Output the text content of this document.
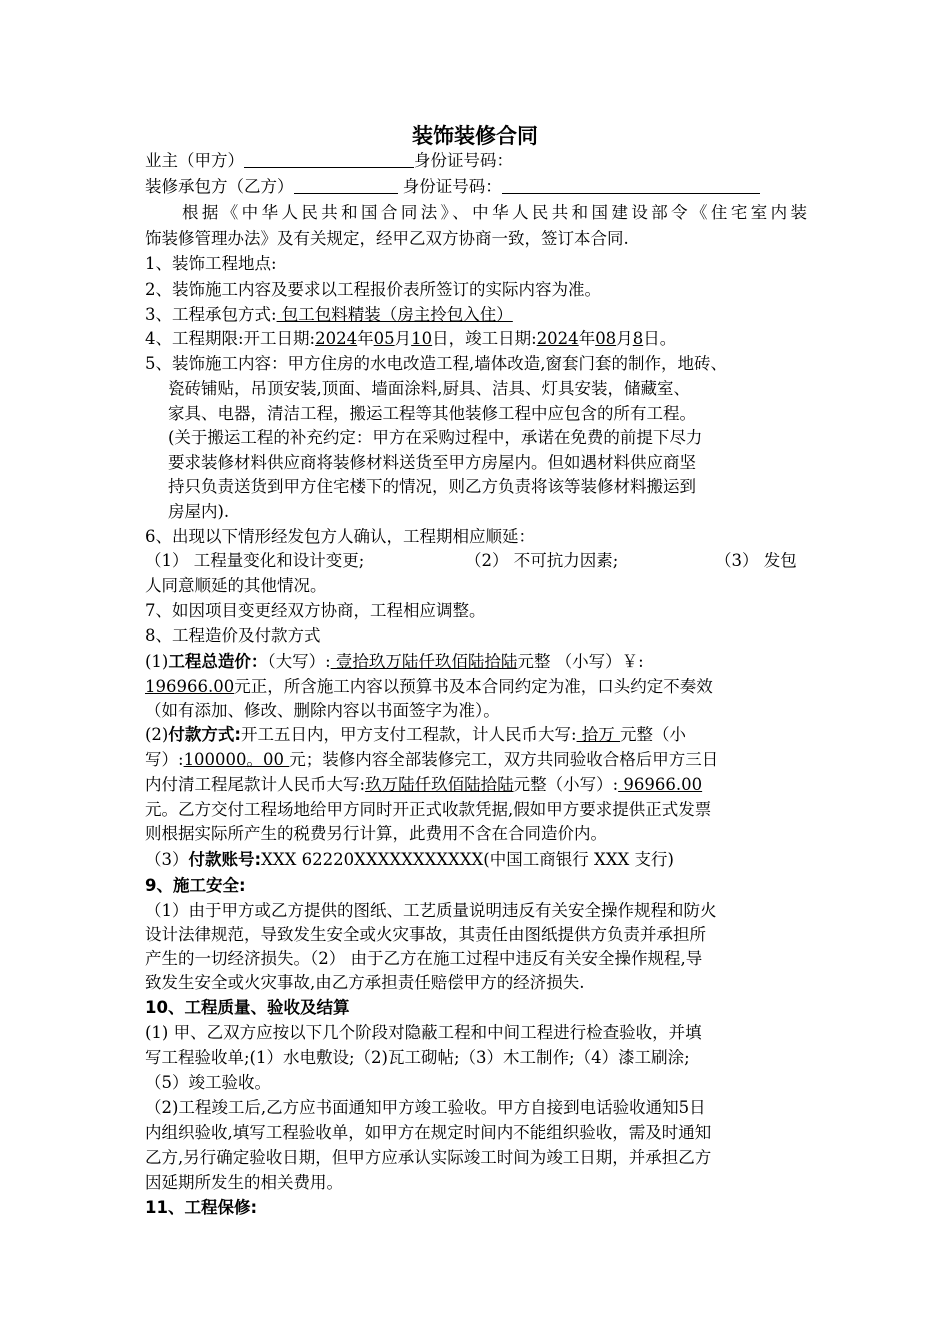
装饰装修合同
业主（甲方）	身份证号码：
装修承包方（乙方）	身份证号码：
根据《中华人民共和国合同法》、中华人民共和国建设部令《住宅室内装
饰装修管理办法》及有关规定，经甲乙双方协商一致，签订本合同.
1、装饰工程地点:
2、装饰施工内容及要求以工程报价表所签订的实际内容为准。
3、工程承包方式: 包工包料精装（房主拎包入住）
4、工程期限:开工日期:2024年05月10日，竣工日期:2024年08月8日。
5、装饰施工内容：甲方住房的水电改造工程,墙体改造,窗套门套的制作，地砖、
瓷砖铺贴，吊顶安装,顶面、墙面涂料,厨具、洁具、灯具安装，储藏室、
家具、电器，清洁工程，搬运工程等其他装修工程中应包含的所有工程。
(关于搬运工程的补充约定：甲方在采购过程中，承诺在免费的前提下尽力
要求装修材料供应商将装修材料送货至甲方房屋内。但如遇材料供应商坚
持只负责送货到甲方住宅楼下的情况，则乙方负责将该等装修材料搬运到
房屋内).
6、出现以下情形经发包方人确认，工程期相应顺延：
（1） 工程量变化和设计变更;	（2） 不可抗力因素;	（3） 发包
人同意顺延的其他情况。
7、如因项目变更经双方协商，工程相应调整。
8、工程造价及付款方式
(1)工程总造价：（大写）: 壹拾玖万陆仟玖佰陆拾陆元整 （小写）￥:
196966.00元正，所含施工内容以预算书及本合同约定为准，口头约定不奏效
（如有添加、修改、删除内容以书面签字为准）。
(2)付款方式:开工五日内，甲方支付工程款，计人民币大写: 拾万 元整（小
写）:100000。00 元；装修内容全部装修完工，双方共同验收合格后甲方三日
内付清工程尾款计人民币大写:玖万陆仟玖佰陆拾陆元整（小写）: 96966.00
元。乙方交付工程场地给甲方同时开正式收款凭据,假如甲方要求提供正式发票
则根据实际所产生的税费另行计算，此费用不含在合同造价内。
（3）付款账号:XXX 62220XXXXXXXXXXX(中国工商银行 XXX 支行)
9、施工安全:
（1）由于甲方或乙方提供的图纸、工艺质量说明违反有关安全操作规程和防火
设计法律规范，导致发生安全或火灾事故，其责任由图纸提供方负责并承担所
产生的一切经济损失。（2） 由于乙方在施工过程中违反有关安全操作规程,导
致发生安全或火灾事故,由乙方承担责任赔偿甲方的经济损失.
10、工程质量、验收及结算
(1) 甲、乙双方应按以下几个阶段对隐蔽工程和中间工程进行检查验收，并填
写工程验收单;(1）水电敷设;（2)瓦工砌帖;（3）木工制作;（4）漆工刷涂;
（5）竣工验收。
（2)工程竣工后,乙方应书面通知甲方竣工验收。甲方自接到电话验收通知5日
内组织验收,填写工程验收单，如甲方在规定时间内不能组织验收，需及时通知
乙方,另行确定验收日期，但甲方应承认实际竣工时间为竣工日期，并承担乙方
因延期所发生的相关费用。
11、工程保修:
